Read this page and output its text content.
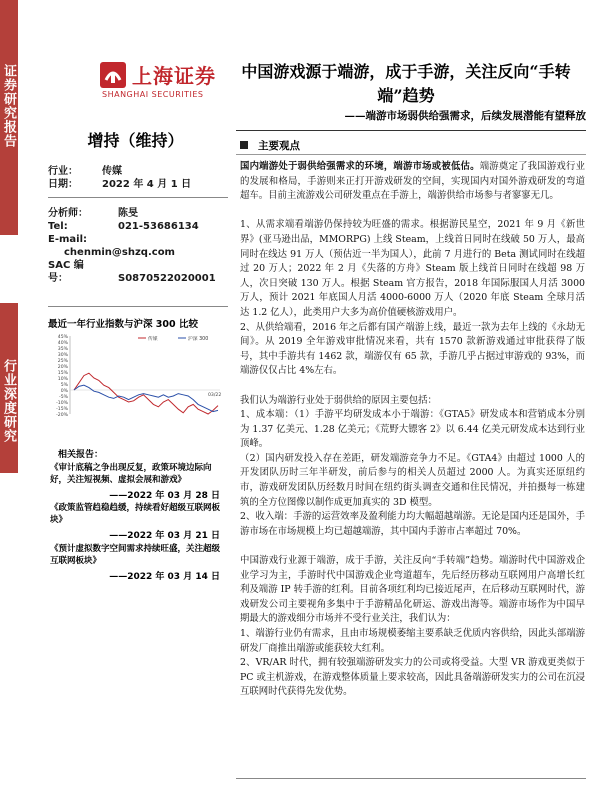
证券研究报告
行业深度研究
上海证券
SHANGHAI SECURITIES
中国游戏源于端游，成于手游，关注反向“手转端”趋势
——端游市场弱供给强需求，后续发展潜能有望释放
增持（维持）
行业： 传媒
日期： 2022 年 4 月 1 日
分析师：	陈旻
Tel:	021-53686134
E-mail:chenmin@shzq.com
SAC 编号：	S0870522020001
最近一年行业指数与沪深 300 比较
45%
40%
35%
30%
25%
20%
15%
10%
5%
0%
-5%
-10%
-15%
-20%
传媒	沪深 300
03/22
相关报告：
《审计底稿之争出现反复，政策环境边际向好，关注短视频、虚拟会展和游戏》
——2022 年 03 月 28 日
《政策监管趋稳趋缓，持续看好超级互联网板块》
——2022 年 03 月 21 日
《预计虚拟数字空间需求持续旺盛，关注超级互联网板块》
——2022 年 03 月 14 日
主要观点

国内端游处于弱供给强需求的环境，端游市场或被低估。端游奠定了我国游戏行业的发展和格局，手游则来正打开游戏研发的空间，实现国内对国外游戏研发的弯道超车。目前主流游戏公司研发重点在手游上，端游供给市场参与者寥寥无几。

1、从需求端看端游仍保持较为旺盛的需求。根据游民星空，2021 年 9 月《新世界》(亚马逊出品，MMORPG) 上线 Steam，上线首日同时在线破 50 万人，最高同时在线达 91 万人（预估近一半为国人），此前 7 月进行的 Beta 测试同时在线超过 20 万人；2022 年 2 月《失落的方舟》Steam 版上线首日同时在线超 98 万人，次日突破 130 万人。根据 Steam 官方报告，2018 年国际服国人月活 3000 万人，预计 2021 年底国人月活 4000-6000 万人（2020 年底 Steam 全球月活达 1.2 亿人），此类用户大多为高价值硬核游戏用户。

2、从供给端看，2016 年之后都有国产端游上线，最近一款为去年上线的《永劫无间》。从 2019 全年游戏审批情况来看，共有 1570 款新游戏通过审批获得了版号，其中手游共有 1462 款，端游仅有 65 款，手游几乎占据过审游戏的 93%，而端游仅仅占比 4%左右。

我们认为端游行业处于弱供给的原因主要包括：
1、成本端：（1）手游平均研发成本小于端游：《GTA5》研发成本和营销成本分别为 1.37 亿美元、1.28 亿美元；《荒野大镖客 2》以 6.44 亿美元研发成本达到行业顶峰。
（2）国内研发投入存在差距，研发端游竞争力不足。《GTA4》由超过 1000 人的开发团队历时三年半研发，前后参与的相关人员超过 2000 人。为真实还原纽约市，游戏研发团队历经数月时间在纽约街头调查交通和住民情况，并拍摄每一栋建筑的全方位图像以制作成更加真实的 3D 模型。
2、收入端：手游的运营效率及盈利能力均大幅超越端游。无论是国内还是国外，手游市场在市场规模上均已超越端游，其中国内手游市占率超过 70%。

中国游戏行业源于端游，成于手游，关注反向“手转端”趋势。端游时代中国游戏企业学习为主，手游时代中国游戏企业弯道超车，先后经历移动互联网用户高增长红利及端游 IP 转手游的红利。目前各项红利均已接近尾声，在后移动互联网时代，游戏研发公司主要视角多集中于手游精品化研运、游戏出海等。端游市场作为中国早期最大的游戏细分市场并不受行业关注，我们认为：
1、端游行业仍有需求，且由市场规模萎缩主要系缺乏优质内容供给，因此头部端游研发厂商推出端游或能获较大红利。
2、VR/AR 时代，拥有较强端游研发实力的公司或将受益。大型 VR 游戏更类似于 PC 或主机游戏，在游戏整体质量上要求较高，因此具备端游研发实力的公司在沉浸互联网时代获得先发优势。
